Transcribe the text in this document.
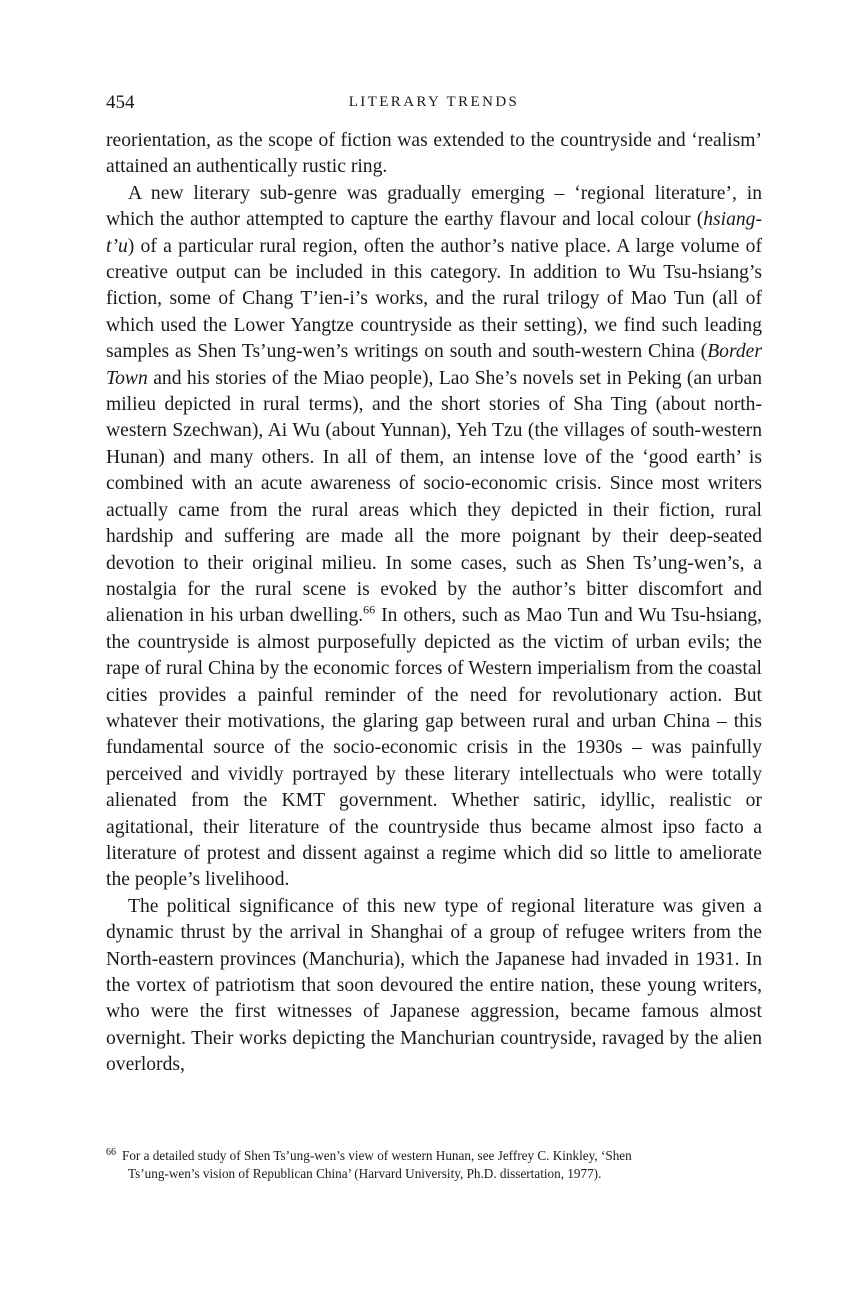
454	LITERARY TRENDS

reorientation, as the scope of fiction was extended to the countryside and ‘realism’ attained an authentically rustic ring.

A new literary sub-genre was gradually emerging – ‘regional literature’, in which the author attempted to capture the earthy flavour and local colour (hsiang-t’u) of a particular rural region, often the author’s native place. A large volume of creative output can be included in this category. In addition to Wu Tsu-hsiang’s fiction, some of Chang T’ien-i’s works, and the rural trilogy of Mao Tun (all of which used the Lower Yangtze countryside as their setting), we find such leading samples as Shen Ts’ung-wen’s writings on south and south-western China (Border Town and his stories of the Miao people), Lao She’s novels set in Peking (an urban milieu depicted in rural terms), and the short stories of Sha Ting (about north-western Szechwan), Ai Wu (about Yunnan), Yeh Tzu (the villages of south-western Hunan) and many others. In all of them, an intense love of the ‘good earth’ is combined with an acute awareness of socio-economic crisis. Since most writers actually came from the rural areas which they depicted in their fiction, rural hardship and suffering are made all the more poignant by their deep-seated devotion to their original milieu. In some cases, such as Shen Ts’ung-wen’s, a nostalgia for the rural scene is evoked by the author’s bitter discomfort and alienation in his urban dwelling.$^{66}$ In others, such as Mao Tun and Wu Tsu-hsiang, the countryside is almost purposefully depicted as the victim of urban evils; the rape of rural China by the economic forces of Western imperialism from the coastal cities provides a painful reminder of the need for revolutionary action. But whatever their motivations, the glaring gap between rural and urban China – this fundamental source of the socio-economic crisis in the 1930s – was painfully perceived and vividly portrayed by these literary intellectuals who were totally alienated from the KMT government. Whether satiric, idyllic, realistic or agitational, their literature of the countryside thus became almost ipso facto a literature of protest and dissent against a regime which did so little to ameliorate the people’s livelihood.

The political significance of this new type of regional literature was given a dynamic thrust by the arrival in Shanghai of a group of refugee writers from the North-eastern provinces (Manchuria), which the Japanese had invaded in 1931. In the vortex of patriotism that soon devoured the entire nation, these young writers, who were the first witnesses of Japanese aggression, became famous almost overnight. Their works depicting the Manchurian countryside, ravaged by the alien overlords,

$^{66}$ For a detailed study of Shen Ts’ung-wen’s view of western Hunan, see Jeffrey C. Kinkley, ‘Shen
Ts’ung-wen’s vision of Republican China’ (Harvard University, Ph.D. dissertation, 1977).
